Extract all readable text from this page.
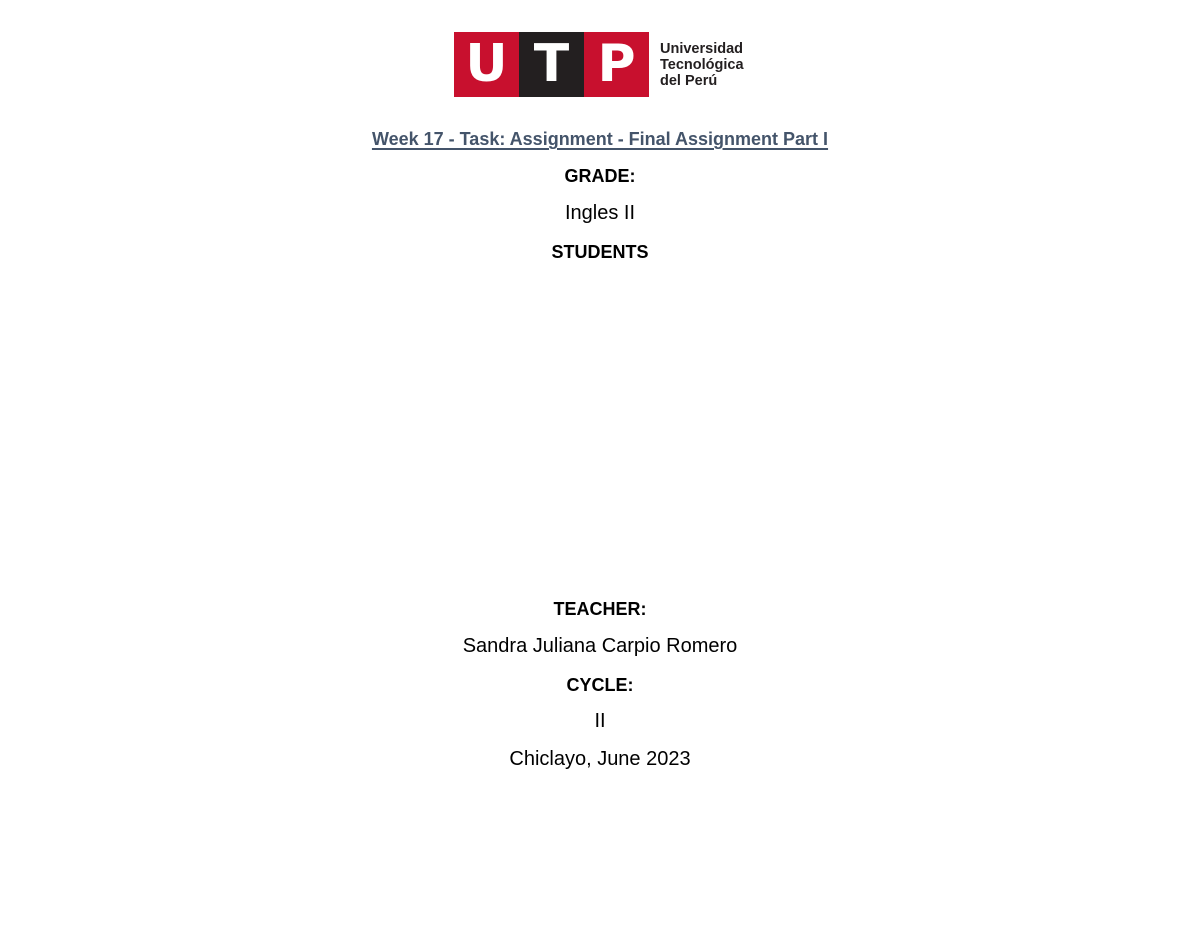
U T P	Universidad
Tecnológica
del Perú
Week 17 - Task: Assignment - Final Assignment Part I
GRADE:
Ingles II
STUDENTS
TEACHER:
Sandra Juliana Carpio Romero
CYCLE:
II
Chiclayo, June 2023
